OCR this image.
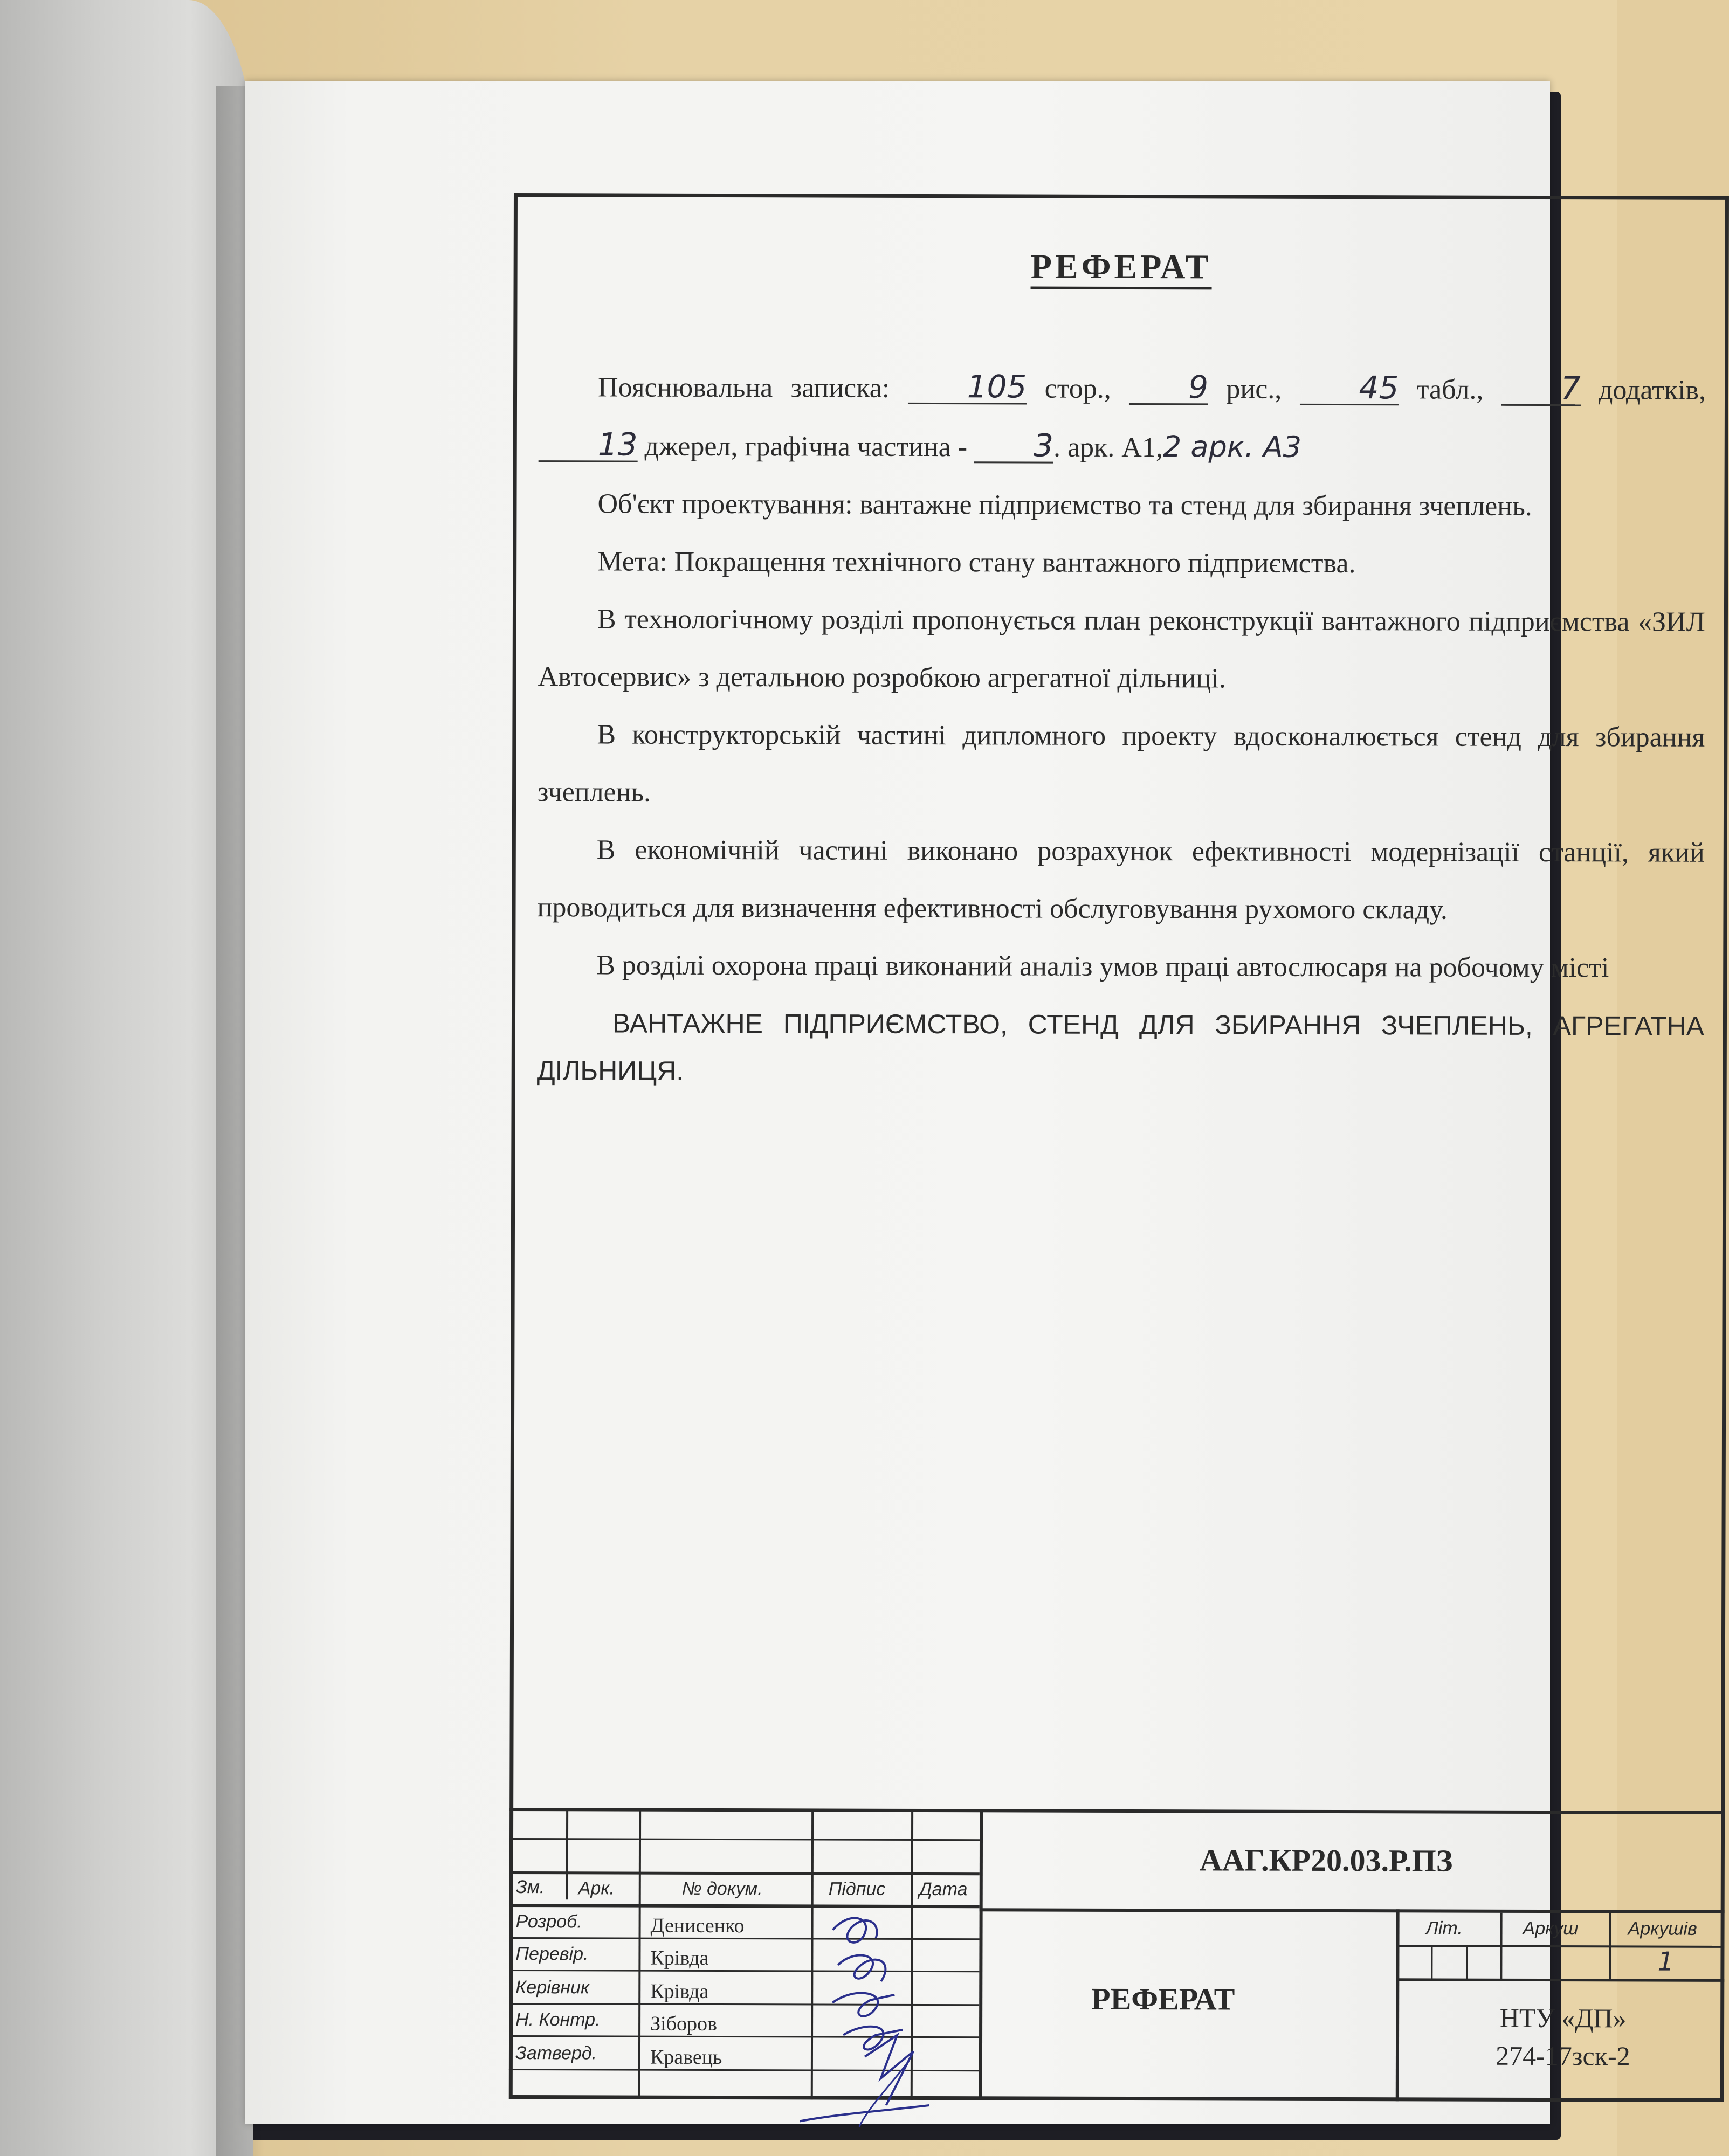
РЕФЕРАТ

Пояснювальна записка: 105 стор., 9 рис., 45 табл., 7 додатків, 13 джерел, графічна частина - 3. арк. А1,2 арк. А3

Об'єкт проектування: вантажне підприємство та стенд для збирання зчеплень.

Мета: Покращення технічного стану вантажного підприємства.

В технологічному розділі пропонується план реконструкції вантажного підприємства «ЗИЛ Автосервис» з детальною розробкою агрегатної дільниці.

В конструкторській частині дипломного проекту вдосконалюється стенд для збирання зчеплень.

В економічній частині виконано розрахунок ефективності модернізації станції, який проводиться для визначення ефективності обслуговування рухомого складу.

В розділі охорона праці виконаний аналіз умов праці автослюсаря на робочому місті

ВАНТАЖНЕ ПІДПРИЄМСТВО, СТЕНД ДЛЯ ЗБИРАННЯ ЗЧЕПЛЕНЬ, АГРЕГАТНА ДІЛЬНИЦЯ.

Зм. Арк.	№ докум.	Підпис Дата
Розроб.	Денисенко
Перевір.	Крівда
Керівник	Крівда
Н. Контр. Зіборов
Затверд.	Кравець
ААГ.КР20.03.Р.ПЗ
РЕФЕРАТ
Літ.	Аркуш	Аркушів
1
НТУ «ДП»
274-17зск-2
